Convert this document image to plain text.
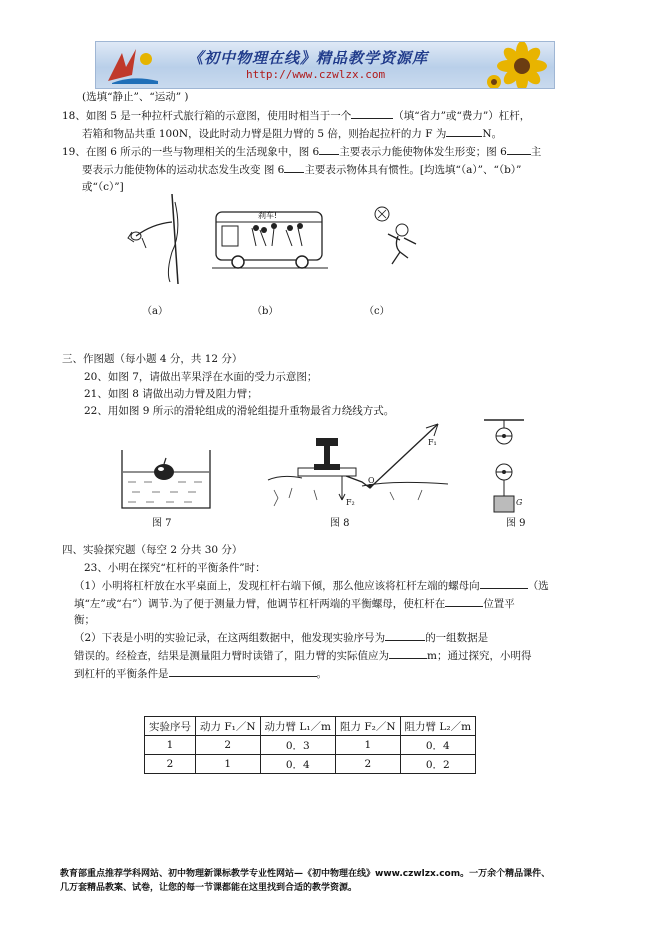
《初中物理在线》精品教学资源库
http://www.czwlzx.com
(选填“静止”、“运动” )
18、如图 5 是一种拉杆式旅行箱的示意图，使用时相当于一个	（填“省力”或“费力”）杠杆，
若箱和物品共重 100N，设此时动力臂是阻力臂的 5 倍，则抬起拉杆的力 F 为	N。
19、在图 6 所示的一些与物理相关的生活现象中，图 6 主要表示力能使物体发生形变；图 6 主
要表示力能使物体的运动状态发生改变 图 6 主要表示物体具有惯性。[均选填“（a）”、“（b）”
或“（c）”]
刹车!
（a）	（b）	（c）
三、作图题（每小题 4 分，共 12 分）
20、如图 7，请做出苹果浮在水面的受力示意图；
21、如图 8 请做出动力臂及阻力臂；
22、用如图 9 所示的滑轮组成的滑轮组提升重物最省力绕线方式。
图 7
F₁
F₂
O
图 8
G
图 9
四、实验探究题（每空 2 分共 30 分）
23、小明在探究“杠杆的平衡条件”时：
（1）小明将杠杆放在水平桌面上，发现杠杆右端下倾，那么他应该将杠杆左端的螺母向	（选
填“左”或“右”）调节.为了便于测量力臂，他调节杠杆两端的平衡螺母，使杠杆在	位置平
衡；
（2）下表是小明的实验记录，在这两组数据中，他发现实验序号为	的一组数据是
错误的。经检查，结果是测量阻力臂时读错了，阻力臂的实际值应为	m；通过探究，小明得
到杠杆的平衡条件是	。
实验序号	动力 F₁／N	动力臂 L₁／m	阻力 F₂／N	阻力臂 L₂／m
1	2	0．3	1	0．4
2	1	0．4	2	0．2
教育部重点推荐学科网站、初中物理新课标教学专业性网站—《初中物理在线》www.czwlzx.com。一万余个精品课件、
几万套精品教案、试卷，让您的每一节课都能在这里找到合适的教学资源。
